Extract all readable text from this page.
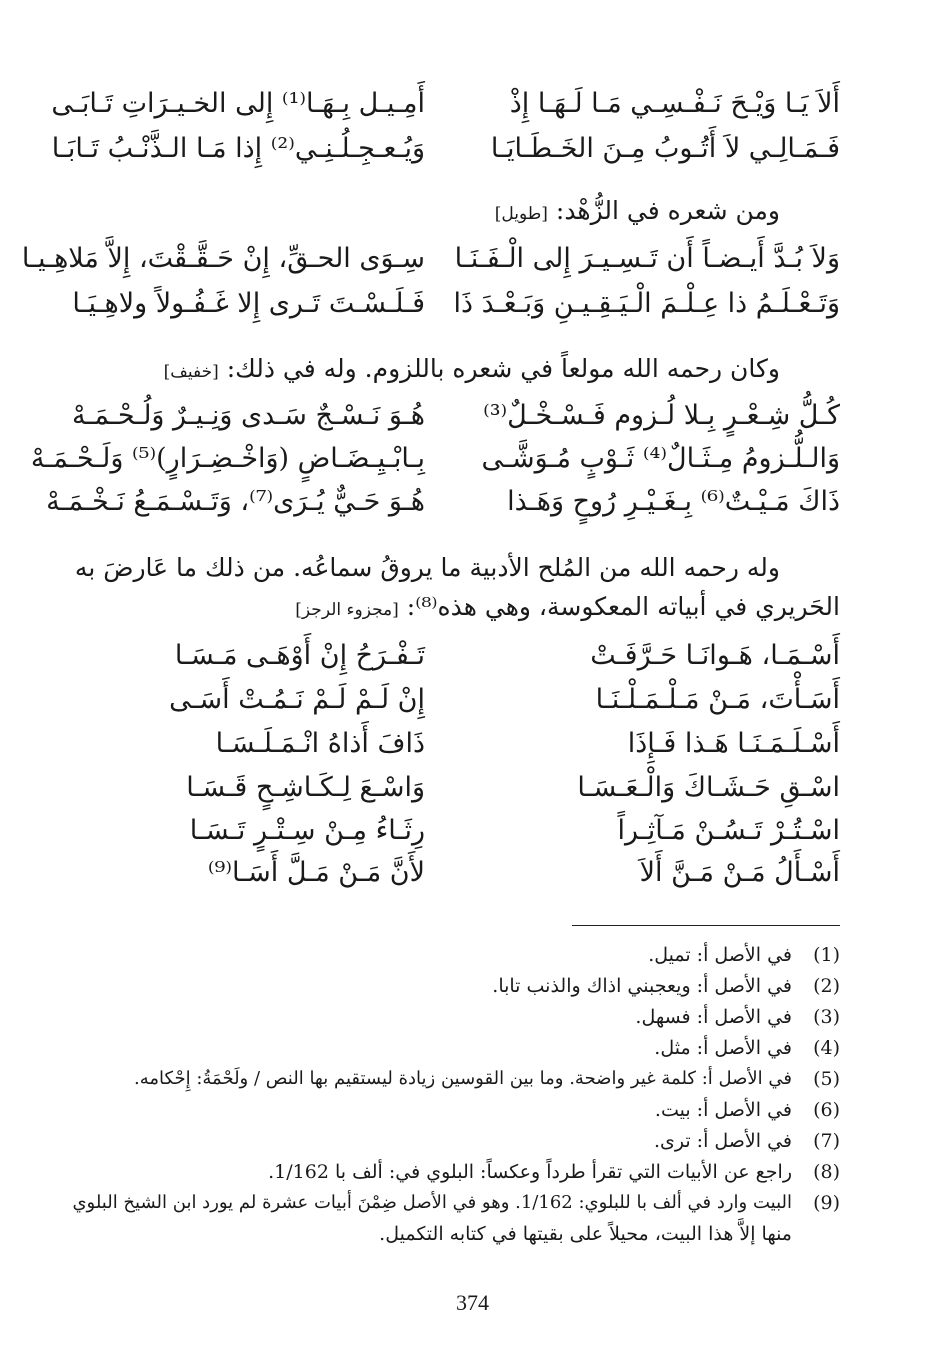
أَلاَ يَـا وَيْـحَ نَـفْـسِـي مَـا لَـهَـا إِذْ
أَمِـيـل بِـهَـا⁽¹⁾ إِلى الخـيـرَاتِ تَـابَـى
فَـمَـالِـي لاَ أَتُـوبُ مِـنَ الخَـطَـايَـا
وَيُـعـجِـلُـنِـي⁽²⁾ إِذا مَـا الـذَّنْـبُ تَـابَـا
ومن شعره في الزُّهْد: [طويل]
وَلاَ بُـدَّ أَيـضـاً أَن تَـسِـيـرَ إِلى الْـفَـنَـا
سِـوَى الحـقِّ، إِنْ حَـقَّـقْتَ، إِلاَّ مَلاهِـيـا
وَتَـعْـلَـمُ ذا عِـلْـمَ الْـيَـقِـيـنِ وَبَـعْـدَ ذَا
فَـلَـسْـتَ تَـرى إِلا غَـفُـولاً ولاهِـيَـا
وكان رحمه الله مولعاً في شعره باللزوم. وله في ذلك: [خفيف]
كُـلُّ شِـعْـرٍ بِـلا لُـزوم فَـسْـخْـلٌ⁽³⁾
هُـوَ نَـسْـجٌ سَـدى وَنِـيـرٌ وَلُـحْـمَـهْ
وَالـلُّـزومُ مِـثَـالٌ⁽⁴⁾ ثَـوْبٍ مُـوَشَّـى
بِـابْـيِـضَـاضٍ (وَاخْـضِـرَارٍ)⁽⁵⁾ وَلَـحْـمَـهْ
ذَاكَ مَـيْـتٌ⁽⁶⁾ بِـغَـيْـرِ رُوحٍ وَهَـذا
هُـوَ حَـيٌّ يُـرَى⁽⁷⁾، وَتَـسْـمَـعُ نَـخْـمَـهْ
وله رحمه الله من المُلح الأدبية ما يروقُ سماعُه. من ذلك ما عَارضَ به
الحَريري في أبياته المعكوسة، وهي هذه⁽⁸⁾: [مجزوء الرجز]
أَسْـمَـا، هَـوانَـا حَـرَّفَـتْ
تَـفْـرَحُ إِنْ أَوْهَـى مَـسَـا
أَسَـأْتَ، مَـنْ مَـلْـمَـلْـنَـا
إِنْ لَـمْ لَـمْ نَـمُـتْ أَسَـى
أَسْـلَـمَـنَـا هَـذا فَـإِذَا
ذَافَ أَذاهُ انْـمَـلَـسَـا
اسْـقِ حَـشَـاكَ وَالْـعَـسَـا
وَاسْـعَ لِـكَـاشِـحٍ قَـسَـا
اسْـتُـرْ تَـسُـنْ مَـآثِـراً
رِثَـاءُ مِـنْ سِـتْـرٍ تَـسَـا
أَسْـأَلُ مَـنْ مَـنَّ أَلاَ
لأَنَّ مَـنْ مَـلَّ أَسَـا⁽⁹⁾
(1)
في الأصل أ: تميل.
(2)
في الأصل أ: ويعجبني اذاك والذنب تابا.
(3)
في الأصل أ: فسهل.
(4)
في الأصل أ: مثل.
(5)
في الأصل أ: كلمة غير واضحة. وما بين القوسين زيادة ليستقيم بها النص / ولَحْمَةُ: إِحْكامه.
(6)
في الأصل أ: بيت.
(7)
في الأصل أ: ترى.
(8)
راجع عن الأبيات التي تقرأ طرداً وعكساً: البلوي في: ألف با 1/162.
(9)
البيت وارد في ألف با للبلوي: 1/162. وهو في الأصل ضِمْنَ أبيات عشرة لم يورد ابن الشيخ البلوي
منها إلاَّ هذا البيت، محيلاً على بقيتها في كتابه التكميل.
374
